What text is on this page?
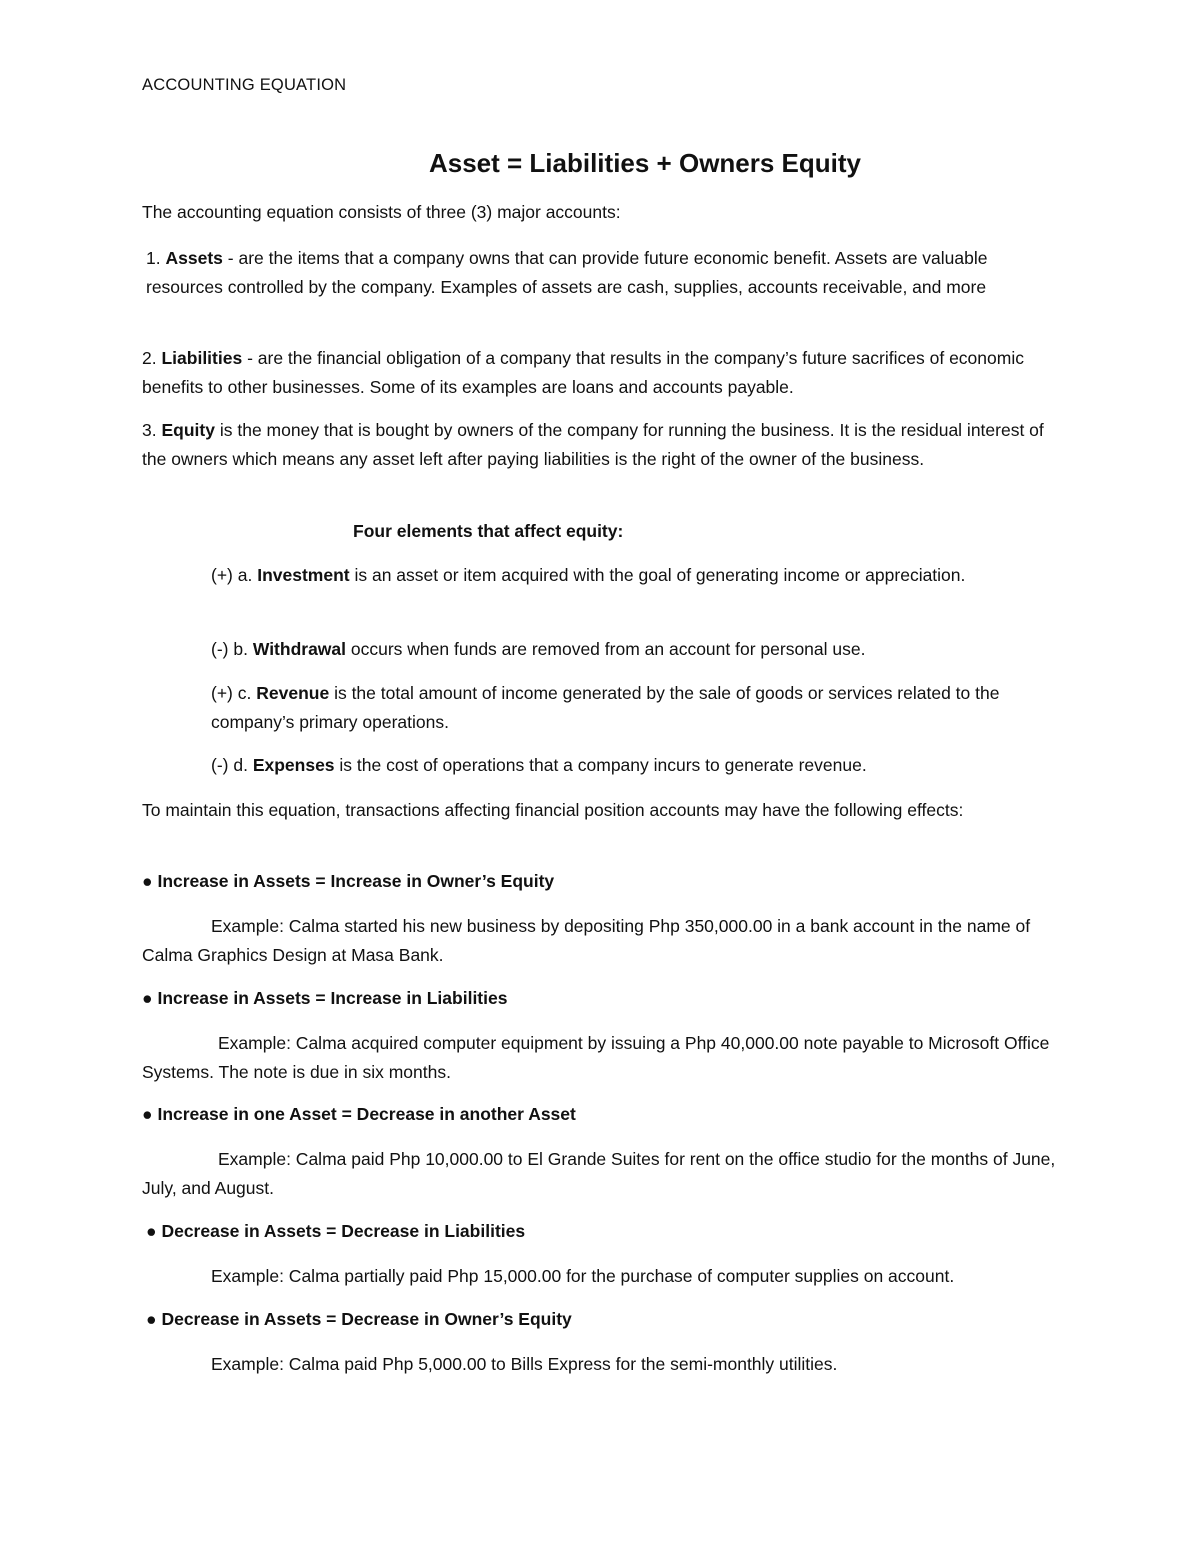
ACCOUNTING EQUATION
Asset = Liabilities + Owners Equity

The accounting equation consists of three (3) major accounts:

1. Assets - are the items that a company owns that can provide future economic benefit. Assets are valuable resources controlled by the company. Examples of assets are cash, supplies, accounts receivable, and more

2. Liabilities - are the financial obligation of a company that results in the company’s future sacrifices of economic benefits to other businesses. Some of its examples are loans and accounts payable.

3. Equity is the money that is bought by owners of the company for running the business. It is the residual interest of the owners which means any asset left after paying liabilities is the right of the owner of the business.

Four elements that affect equity:

(+) a. Investment is an asset or item acquired with the goal of generating income or appreciation.

(-) b. Withdrawal occurs when funds are removed from an account for personal use.

(+) c. Revenue is the total amount of income generated by the sale of goods or services related to the company’s primary operations.

(-) d. Expenses is the cost of operations that a company incurs to generate revenue.

To maintain this equation, transactions affecting financial position accounts may have the following effects:

● Increase in Assets = Increase in Owner’s Equity

Example: Calma started his new business by depositing Php 350,000.00 in a bank account in the name of Calma Graphics Design at Masa Bank.

● Increase in Assets = Increase in Liabilities

Example: Calma acquired computer equipment by issuing a Php 40,000.00 note payable to Microsoft Office Systems. The note is due in six months.

● Increase in one Asset = Decrease in another Asset

Example: Calma paid Php 10,000.00 to El Grande Suites for rent on the office studio for the months of June, July, and August.

● Decrease in Assets = Decrease in Liabilities

Example: Calma partially paid Php 15,000.00 for the purchase of computer supplies on account.

● Decrease in Assets = Decrease in Owner’s Equity

Example: Calma paid Php 5,000.00 to Bills Express for the semi-monthly utilities.
